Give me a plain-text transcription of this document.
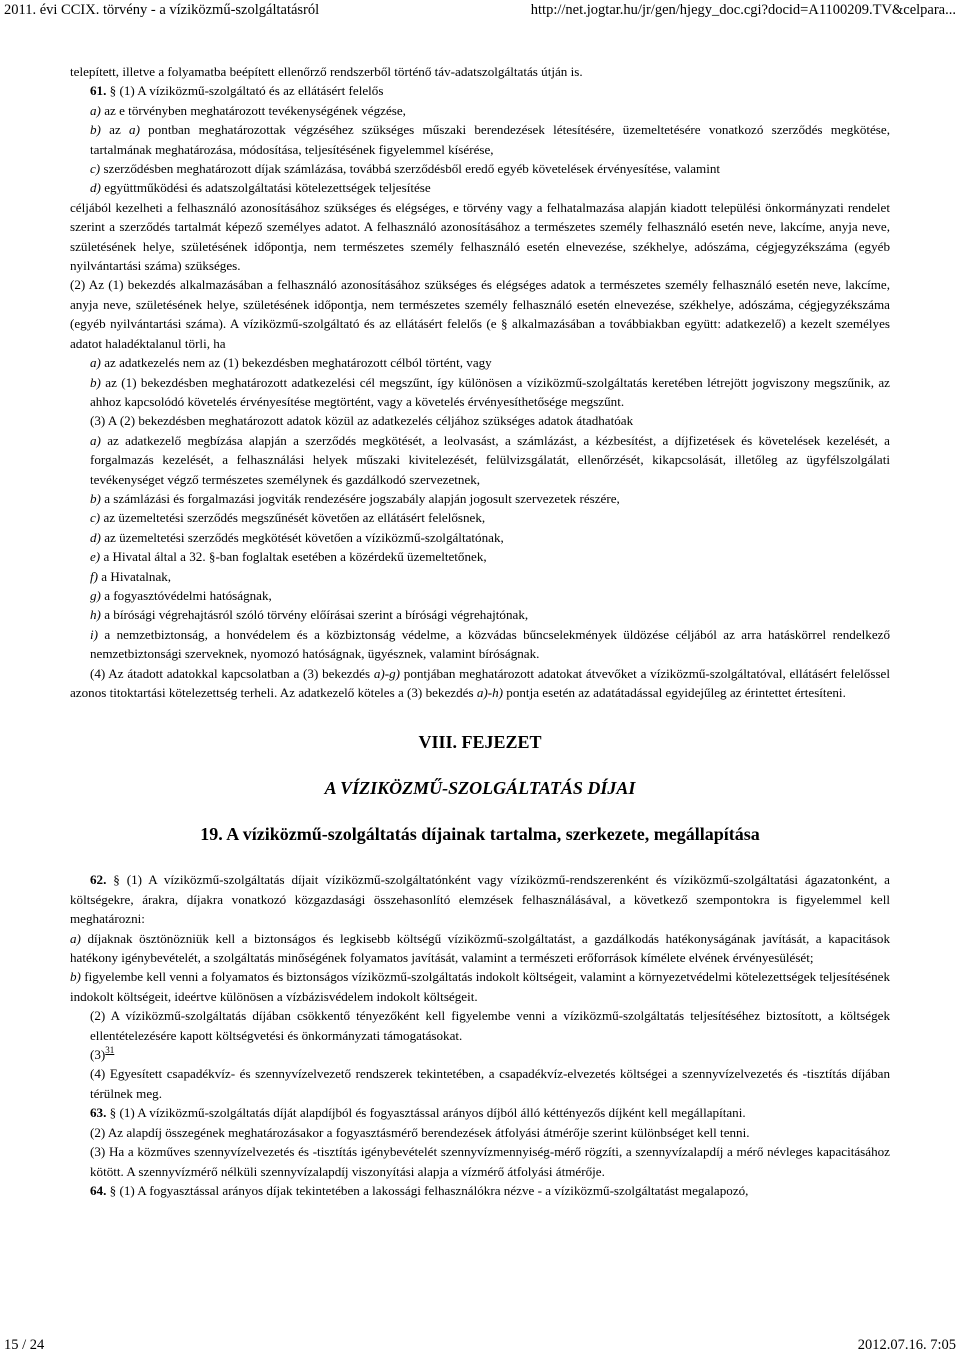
2011. évi CCIX. törvény - a víziközmű-szolgáltatásról	http://net.jogtar.hu/jr/gen/hjegy_doc.cgi?docid=A1100209.TV&celpara...

telepített, illetve a folyamatba beépített ellenőrző rendszerből történő táv-adatszolgáltatás útján is.

61. § (1) A víziközmű-szolgáltató és az ellátásért felelős

a) az e törvényben meghatározott tevékenységének végzése,

b) az a) pontban meghatározottak végzéséhez szükséges műszaki berendezések létesítésére, üzemeltetésére vonatkozó szerződés megkötése, tartalmának meghatározása, módosítása, teljesítésének figyelemmel kísérése,

c) szerződésben meghatározott díjak számlázása, továbbá szerződésből eredő egyéb követelések érvényesítése, valamint

d) együttműködési és adatszolgáltatási kötelezettségek teljesítése

céljából kezelheti a felhasználó azonosításához szükséges és elégséges, e törvény vagy a felhatalmazása alapján kiadott települési önkormányzati rendelet szerint a szerződés tartalmát képező személyes adatot. A felhasználó azonosításához a természetes személy felhasználó esetén neve, lakcíme, anyja neve, születésének helye, születésének időpontja, nem természetes személy felhasználó esetén elnevezése, székhelye, adószáma, cégjegyzékszáma (egyéb nyilvántartási száma) szükséges.

(2) Az (1) bekezdés alkalmazásában a felhasználó azonosításához szükséges és elégséges adatok a természetes személy felhasználó esetén neve, lakcíme, anyja neve, születésének helye, születésének időpontja, nem természetes személy felhasználó esetén elnevezése, székhelye, adószáma, cégjegyzékszáma (egyéb nyilvántartási száma). A víziközmű-szolgáltató és az ellátásért felelős (e § alkalmazásában a továbbiakban együtt: adatkezelő) a kezelt személyes adatot haladéktalanul törli, ha

a) az adatkezelés nem az (1) bekezdésben meghatározott célból történt, vagy

b) az (1) bekezdésben meghatározott adatkezelési cél megszűnt, így különösen a víziközmű-szolgáltatás keretében létrejött jogviszony megszűnik, az ahhoz kapcsolódó követelés érvényesítése megtörtént, vagy a követelés érvényesíthetősége megszűnt.

(3) A (2) bekezdésben meghatározott adatok közül az adatkezelés céljához szükséges adatok átadhatóak

a) az adatkezelő megbízása alapján a szerződés megkötését, a leolvasást, a számlázást, a kézbesítést, a díjfizetések és követelések kezelését, a forgalmazás kezelését, a felhasználási helyek műszaki kivitelezését, felülvizsgálatát, ellenőrzését, kikapcsolását, illetőleg az ügyfélszolgálati tevékenységet végző természetes személynek és gazdálkodó szervezetnek,

b) a számlázási és forgalmazási jogviták rendezésére jogszabály alapján jogosult szervezetek részére,

c) az üzemeltetési szerződés megszűnését követően az ellátásért felelősnek,

d) az üzemeltetési szerződés megkötését követően a víziközmű-szolgáltatónak,

e) a Hivatal által a 32. §-ban foglaltak esetében a közérdekű üzemeltetőnek,

f) a Hivatalnak,

g) a fogyasztóvédelmi hatóságnak,

h) a bírósági végrehajtásról szóló törvény előírásai szerint a bírósági végrehajtónak,

i) a nemzetbiztonság, a honvédelem és a közbiztonság védelme, a közvádas bűncselekmények üldözése céljából az arra hatáskörrel rendelkező nemzetbiztonsági szerveknek, nyomozó hatóságnak, ügyésznek, valamint bíróságnak.

(4) Az átadott adatokkal kapcsolatban a (3) bekezdés a)-g) pontjában meghatározott adatokat átvevőket a víziközmű-szolgáltatóval, ellátásért felelőssel azonos titoktartási kötelezettség terheli. Az adatkezelő köteles a (3) bekezdés a)-h) pontja esetén az adatátadással egyidejűleg az érintettet értesíteni.

VIII. FEJEZET

A VÍZIKÖZMŰ-SZOLGÁLTATÁS DÍJAI

19. A víziközmű-szolgáltatás díjainak tartalma, szerkezete, megállapítása

62. § (1) A víziközmű-szolgáltatás díjait víziközmű-szolgáltatónként vagy víziközmű-rendszerenként és víziközmű-szolgáltatási ágazatonként, a költségekre, árakra, díjakra vonatkozó közgazdasági összehasonlító elemzések felhasználásával, a következő szempontokra is figyelemmel kell meghatározni:

a) díjaknak ösztönözniük kell a biztonságos és legkisebb költségű víziközmű-szolgáltatást, a gazdálkodás hatékonyságának javítását, a kapacitások hatékony igénybevételét, a szolgáltatás minőségének folyamatos javítását, valamint a természeti erőforrások kímélete elvének érvényesülését;

b) figyelembe kell venni a folyamatos és biztonságos víziközmű-szolgáltatás indokolt költségeit, valamint a környezetvédelmi kötelezettségek teljesítésének indokolt költségeit, ideértve különösen a vízbázisvédelem indokolt költségeit.

(2) A víziközmű-szolgáltatás díjában csökkentő tényezőként kell figyelembe venni a víziközmű-szolgáltatás teljesítéséhez biztosított, a költségek ellentételezésére kapott költségvetési és önkormányzati támogatásokat.

$(3)^{31}$

(4) Egyesített csapadékvíz- és szennyvízelvezető rendszerek tekintetében, a csapadékvíz-elvezetés költségei a szennyvízelvezetés és -tisztítás díjában térülnek meg.

63. § (1) A víziközmű-szolgáltatás díját alapdíjból és fogyasztással arányos díjból álló kéttényezős díjként kell megállapítani.

(2) Az alapdíj összegének meghatározásakor a fogyasztásmérő berendezések átfolyási átmérője szerint különbséget kell tenni.

(3) Ha a közműves szennyvízelvezetés és -tisztítás igénybevételét szennyvízmennyiség-mérő rögzíti, a szennyvízalapdíj a mérő névleges kapacitásához kötött. A szennyvízmérő nélküli szennyvízalapdíj viszonyítási alapja a vízmérő átfolyási átmérője.

64. § (1) A fogyasztással arányos díjak tekintetében a lakossági felhasználókra nézve - a víziközmű-szolgáltatást megalapozó,

15 / 24	2012.07.16. 7:05
